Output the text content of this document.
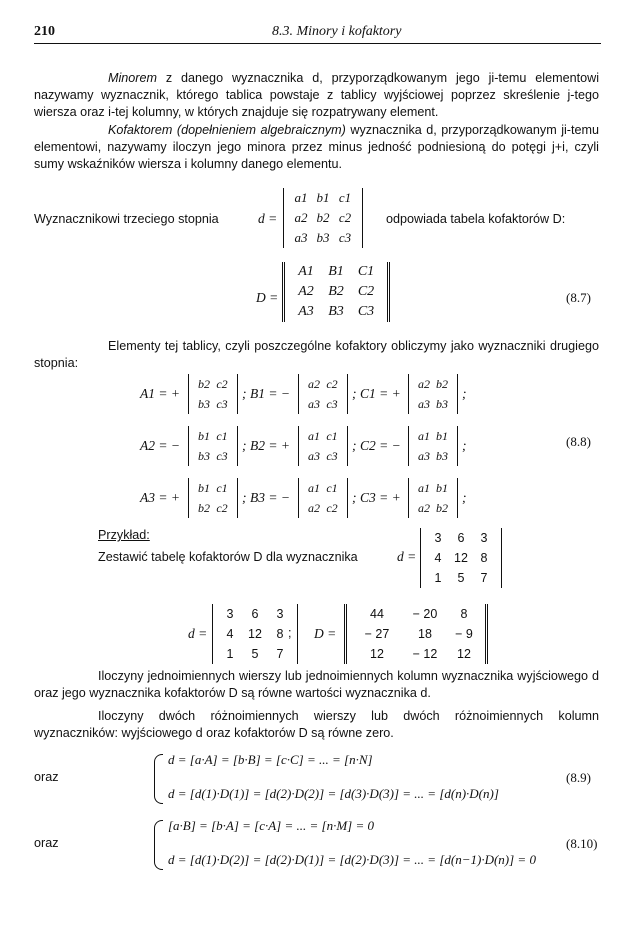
210	8.3. Minory i kofaktory
Minorem z danego wyznacznika d, przyporządkowanym jego ji-temu elementowi nazywamy wyznacznik, którego tablica powstaje z tablicy wyjściowej poprzez skreślenie j-tego wiersza oraz i-tej kolumny, w których znajduje się rozpatrywany element.
Kofaktorem (dopełnieniem algebraicznym) wyznacznika d, przyporządkowanym ji-temu elementowi, nazywamy iloczyn jego minora przez minus jedność podniesioną do potęgi j+i, czyli sumy wskaźników wiersza i kolumny danego elementu.
Wyznacznikowi trzeciego stopnia	d =
a1 b1 c1
a2 b2 c2
a3 b3 c3
odpowiada tabela kofaktorów D:
D =
A1	B1	C1
A2	B2	C2
A3	B3	C3
(8.7)
Elementy tej tablicy, czyli poszczególne kofaktory obliczymy jako wyznaczniki drugiego stopnia:
A1 = +
b2 c2
b3 c3
; B1 = −
a2 c2
a3 c3
; C1 = +
a2 b2
a3 b3
;
A2 = −
b1 c1
b3 c3
; B2 = +
a1 c1
a3 c3
; C2 = −
a1 b1
a3 b3
;
A3 = +
b1 c1
b2 c2
; B3 = −
a1 c1
a2 c2
; C3 = +
a1 b1
a2 b2
;
(8.8)
Przykład:
Zestawić tabelę kofaktorów D dla wyznacznika	d =
3	6	3
4	12	8
1	5	7
d =
3	6	3
4	12	8
1	5	7
; D =
44	− 20	8
− 27	18	− 9
12	− 12	12
Iloczyny jednoimiennych wierszy lub jednoimiennych kolumn wyznacznika wyjściowego d oraz jego wyznacznika kofaktorów D są równe wartości wyznacznika d.
Iloczyny dwóch różnoimiennych wierszy lub dwóch różnoimiennych kolumn wyznaczników: wyjściowego d oraz kofaktorów D są równe zero.
d = [a·A] = [b·B] = [c·C] = ... = [n·N]
oraz	(8.9)
d = [d(1)·D(1)] = [d(2)·D(2)] = [d(3)·D(3)] = ... = [d(n)·D(n)]
[a·B] = [b·A] = [c·A] = ... = [n·M] = 0
oraz	(8.10)
d = [d(1)·D(2)] = [d(2)·D(1)] = [d(2)·D(3)] = ... = [d(n−1)·D(n)] = 0
